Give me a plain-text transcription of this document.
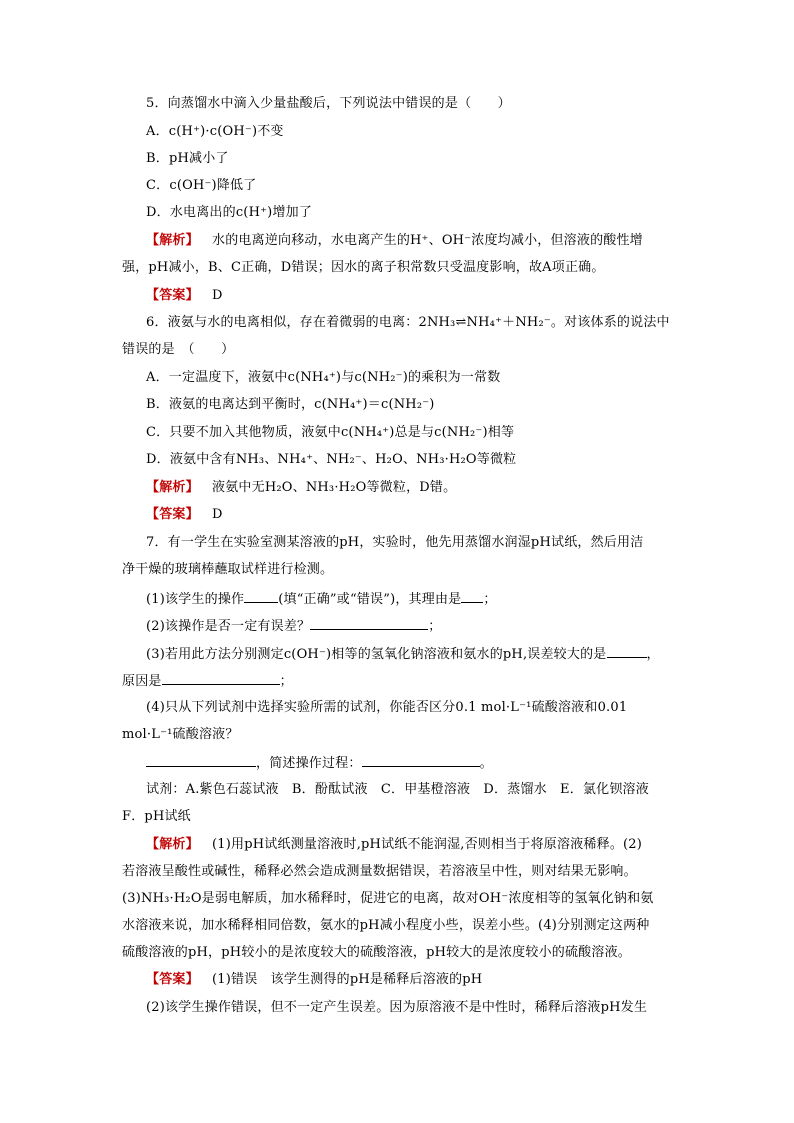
5．向蒸馏水中滴入少量盐酸后，下列说法中错误的是（　　）
A．c(H⁺)·c(OH⁻)不变
B．pH减小了
C．c(OH⁻)降低了
D．水电离出的c(H⁺)增加了
【解析】  水的电离逆向移动，水电离产生的H⁺、OH⁻浓度均减小，但溶液的酸性增
强，pH减小，B、C正确，D错误；因水的离子积常数只受温度影响，故A项正确。
【答案】  D
6．液氨与水的电离相似，存在着微弱的电离：2NH₃⇌NH₄⁺＋NH₂⁻。对该体系的说法中
错误的是　（　　）
A．一定温度下，液氨中c(NH₄⁺)与c(NH₂⁻)的乘积为一常数
B．液氨的电离达到平衡时，c(NH₄⁺)＝c(NH₂⁻)
C．只要不加入其他物质，液氨中c(NH₄⁺)总是与c(NH₂⁻)相等
D．液氨中含有NH₃、NH₄⁺、NH₂⁻、H₂O、NH₃·H₂O等微粒
【解析】  液氨中无H₂O、NH₃·H₂O等微粒，D错。
【答案】  D
7．有一学生在实验室测某溶液的pH，实验时，他先用蒸馏水润湿pH试纸，然后用洁
净干燥的玻璃棒蘸取试样进行检测。
(1)该学生的操作	(填“正确”或“错误”)，其理由是 ；
(2)该操作是否一定有误差？	；
(3)若用此方法分别测定c(OH⁻)相等的氢氧化钠溶液和氨水的pH,误差较大的是	，
原因是	；
(4)只从下列试剂中选择实验所需的试剂，你能否区分0.1 mol·L⁻¹硫酸溶液和0.01
mol·L⁻¹硫酸溶液？
，简述操作过程：	。
试剂：A.紫色石蕊试液　B．酚酞试液　C．甲基橙溶液　D．蒸馏水　E．氯化钡溶液
F．pH试纸
【解析】  (1)用pH试纸测量溶液时,pH试纸不能润湿,否则相当于将原溶液稀释。(2)
若溶液呈酸性或碱性，稀释必然会造成测量数据错误，若溶液呈中性，则对结果无影响。
(3)NH₃·H₂O是弱电解质，加水稀释时，促进它的电离，故对OH⁻浓度相等的氢氧化钠和氨
水溶液来说，加水稀释相同倍数，氨水的pH减小程度小些，误差小些。(4)分别测定这两种
硫酸溶液的pH，pH较小的是浓度较大的硫酸溶液，pH较大的是浓度较小的硫酸溶液。
【答案】  (1)错误　该学生测得的pH是稀释后溶液的pH
(2)该学生操作错误，但不一定产生误差。因为原溶液不是中性时，稀释后溶液pH发生
